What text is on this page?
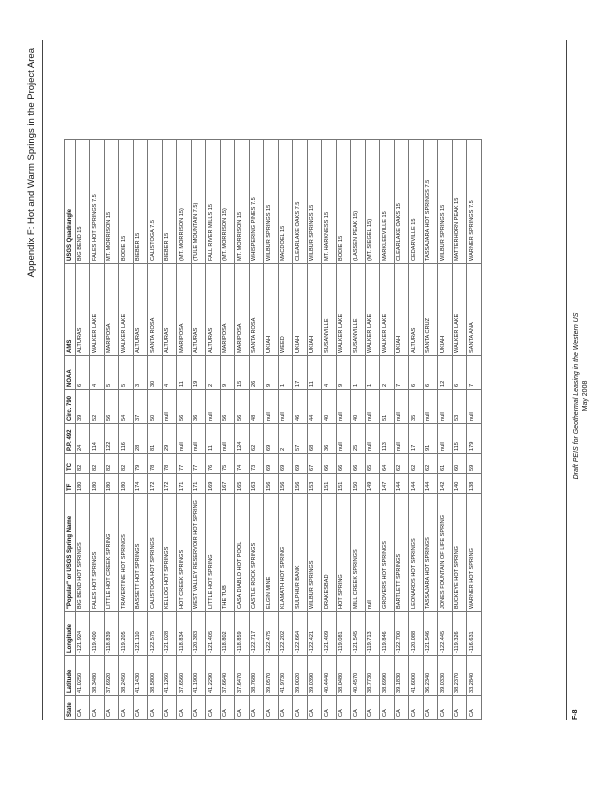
Appendix F: Hot and Warm Springs in the Project Area
State	Latitude	Longitude	"Popular" or USGS Spring Name	TF	TC	P.P. 492	Circ. 790	NOAA	AMS	USGS Quadrangle
CA	41.0250	-121.924	BIG BEND HOT SPRINGS	180	82	24	39	6	ALTURAS	BIG BEND 15
CA	38.3480	-119.400	FALES HOT SPRINGS	180	82	114	52	4	WALKER LAKE	FALES HOT SPRINGS 7.5
CA	37.6920	-118.839	LITTLE HOT CREEK SPRING	180	82	122	56	5	MARIPOSA	MT. MORRISON 15
CA	38.2450	-119.205	TRAVERTINE HOT SPRINGS	180	82	116	54	5	WALKER LAKE	BODIE 15
CA	41.1430	-121.110	BASSETT HOT SPRINGS	174	79	28	37	3	ALTURAS	BIEBER 15
CA	38.5800	-122.575	CALISTOGA HOT SPRINGS	172	78	81	50	30	SANTA ROSA	CALISTOGA 7.5
CA	41.1260	-121.028	KELLOG HOT SPRINGS	172	78	29	null	4	ALTURAS	BIEBER 15
CA	37.6560	-118.834	HOT CREEK SPRINGS	171	77	null	56	11	MARIPOSA	(MT. MORRISON 15)
CA	41.1900	-120.383	WEST VALLEY RESERVOIR HOT SPRING	171	77	null	36	19	ALTURAS	(TULE MOUNTAIN 7.5)
CA	41.2290	-121.405	LITTLE HOT SPRING	169	76	11	null	2	ALTURAS	FALL RIVER MILLS 15
CA	37.6640	-118.802	THE TUB	167	75	null	56	9	MARIPOSA	(MT. MORRISON 15)
CA	37.6470	-118.859	CASA DIABLO HOT POOL	165	74	124	56	15	MARIPOSA	MT. MORRISON 15
CA	38.7680	-122.717	CASTLE ROCK SPRINGS	163	73	62	48	26	SANTA ROSA	WHISPERING PINES 7.5
CA	39.0570	-122.475	ELGIN MINE	156	69	69	null	9	UKIAH	WILBUR SPRINGS 15
CA	41.9730	-122.202	KLAMATH HOT SPRING	156	69	2	null	1	WEED	MACDOEL 15
CA	39.0020	-122.664	SULPHUR BANK	156	69	57	46	17	UKIAH	CLEARLAKE OAKS 7.5
CA	39.0390	-122.421	WILBUR SPRINGS	153	67	68	44	11	UKIAH	WILBUR SPRINGS 15
CA	40.4440	-121.409	DRAKESBAD	151	66	36	40	4	SUSANVILLE	MT. HARKNESS 15
CA	38.0480	-119.081	HOT SPRING	151	66	null	null	9	WALKER LAKE	BODIE 15
CA	40.4570	-121.545	MILL CREEK SPRINGS	150	66	25	40	1	SUSANVILLE	(LASSEN PEAK 15)
CA	38.7730	-119.713	null	149	65	null	null	1	WALKER LAKE	(MT. SIEGEL 15)
CA	38.6990	-119.846	GROVERS HOT SPRINGS	147	64	113	51	2	WALKER LAKE	MARKLEEVILLE 15
CA	39.1830	-122.700	BARTLETT SPRINGS	144	62	null	null	7	UKIAH	CLEARLAKE OAKS 15
CA	41.6000	-120.088	LEONARDS HOT SPRINGS	144	62	17	35	6	ALTURAS	CEDARVILLE 15
CA	36.2340	-121.546	TASSAJARA HOT SPRINGS	144	62	91	null	6	SANTA CRUZ	TASSAJARA HOT SPRINGS 7.5
CA	39.0330	-122.445	JONES FOUNTAIN OF LIFE SPRING	142	61	null	null	12	UKIAH	WILBUR SPRINGS 15
CA	38.2370	-119.326	BUCKEYE HOT SPRING	140	60	115	53	6	WALKER LAKE	MATTERHORN PEAK 15
CA	33.2840	-116.631	WARNER HOT SPRING	138	59	179	null	7	SANTA ANA	WARNER SPRINGS 7.5
F-8
Draft PEIS for Geothermal Leasing in the Western US May 2008
